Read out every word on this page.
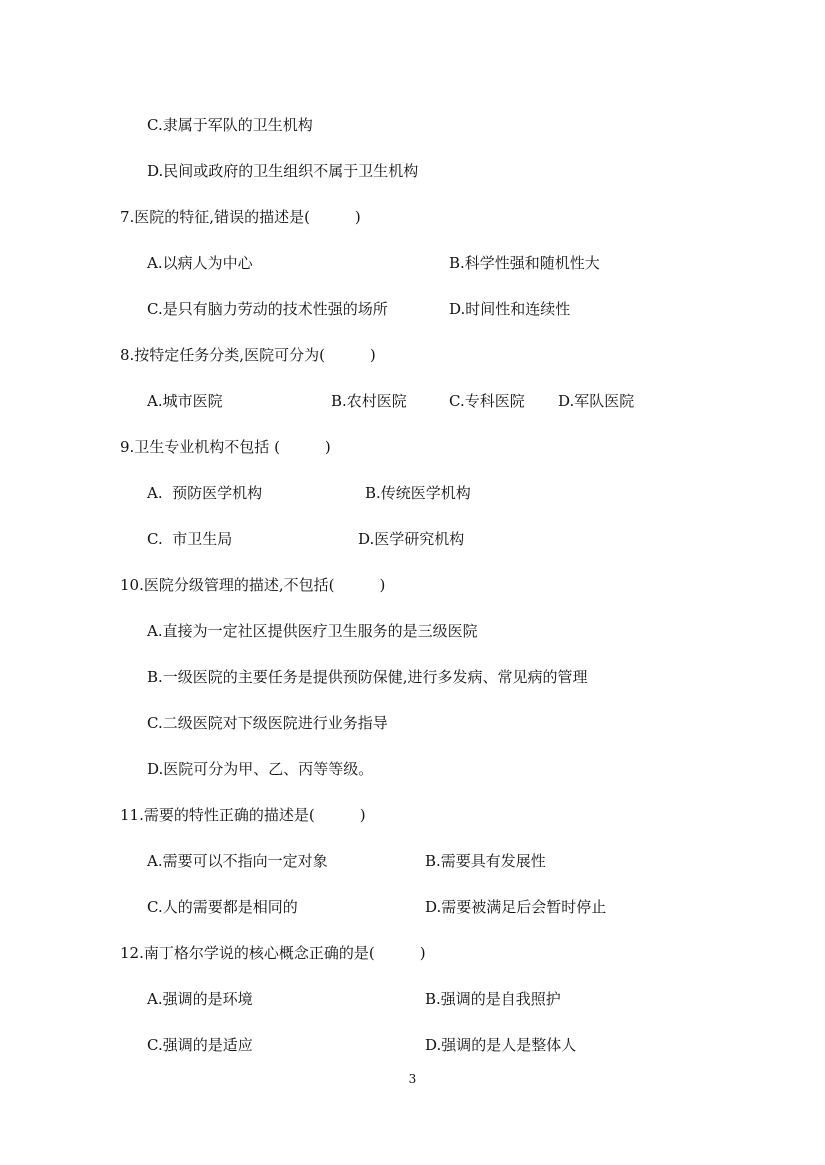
C.隶属于军队的卫生机构
D.民间或政府的卫生组织不属于卫生机构
7.医院的特征,错误的描述是(　　　)
A.以病人为中心	B.科学性强和随机性大
C.是只有脑力劳动的技术性强的场所	D.时间性和连续性
8.按特定任务分类,医院可分为(　　　)
A.城市医院	B.农村医院	C.专科医院 D.军队医院
9.卫生专业机构不包括 (　　　)
A.  预防医学机构	B.传统医学机构
C.  市卫生局	D.医学研究机构
10.医院分级管理的描述,不包括(　　　)
A.直接为一定社区提供医疗卫生服务的是三级医院
B.一级医院的主要任务是提供预防保健,进行多发病、常见病的管理
C.二级医院对下级医院进行业务指导
D.医院可分为甲、乙、丙等等级。
11.需要的特性正确的描述是(　　　)
A.需要可以不指向一定对象	B.需要具有发展性
C.人的需要都是相同的	D.需要被满足后会暂时停止
12.南丁格尔学说的核心概念正确的是(　　　)
A.强调的是环境	B.强调的是自我照护
C.强调的是适应	D.强调的是人是整体人
3
